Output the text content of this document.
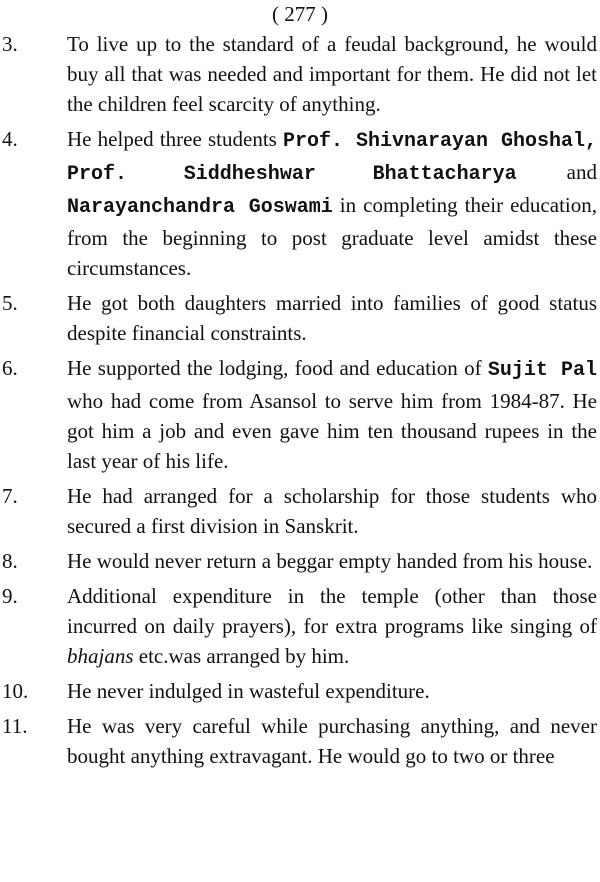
( 277 )
3. To live up to the standard of a feudal background, he would buy all that was needed and important for them. He did not let the children feel scarcity of anything.
4. He helped three students Prof. Shivnarayan Ghoshal, Prof. Siddheshwar Bhattacharya and Narayanchandra Goswami in completing their education, from the beginning to post graduate level amidst these circumstances.
5. He got both daughters married into families of good status despite financial constraints.
6. He supported the lodging, food and education of Sujit Pal who had come from Asansol to serve him from 1984-87. He got him a job and even gave him ten thousand rupees in the last year of his life.
7. He had arranged for a scholarship for those students who secured a first division in Sanskrit.
8. He would never return a beggar empty handed from his house.
9. Additional expenditure in the temple (other than those incurred on daily prayers), for extra programs like singing of bhajans etc.was arranged by him.
10. He never indulged in wasteful expenditure.
11. He was very careful while purchasing anything, and never bought anything extravagant. He would go to two or three
